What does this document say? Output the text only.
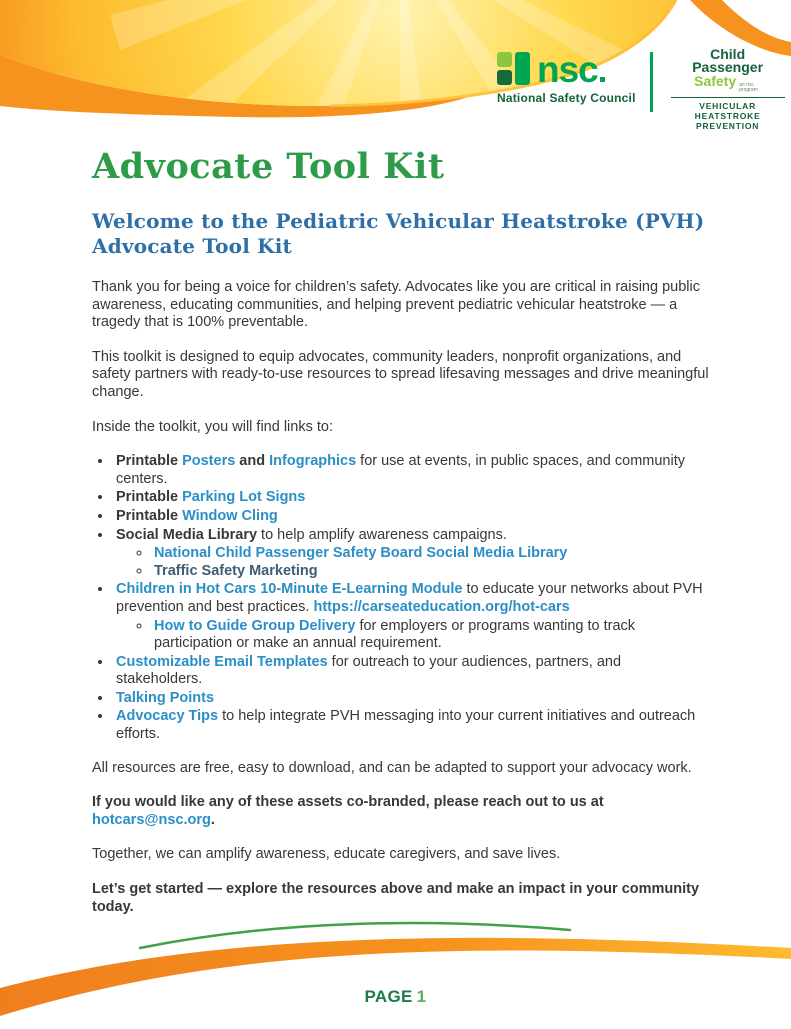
nsc
National Safety Council
Child
Passenger
Safety an nsc program
VEHICULAR HEATSTROKE
PREVENTION
Advocate Tool Kit
Welcome to the Pediatric Vehicular Heatstroke (PVH)
Advocate Tool Kit

Thank you for being a voice for children’s safety. Advocates like you are critical in raising public awareness, educating communities, and helping prevent pediatric vehicular heatstroke — a tragedy that is 100% preventable.

This toolkit is designed to equip advocates, community leaders, nonprofit organizations, and safety partners with ready-to-use resources to spread lifesaving messages and drive meaningful change.

Inside the toolkit, you will find links to:

• Printable Posters and Infographics for use at events, in public spaces, and community centers.
• Printable Parking Lot Signs
• Printable Window Cling
• Social Media Library to help amplify awareness campaigns.
◦ National Child Passenger Safety Board Social Media Library
◦ Traffic Safety Marketing
• Children in Hot Cars 10-Minute E-Learning Module to educate your networks about PVH prevention and best practices. https://carseateducation.org/hot-cars
◦ How to Guide Group Delivery for employers or programs wanting to track participation or make an annual requirement.
• Customizable Email Templates for outreach to your audiences, partners, and stakeholders.
• Talking Points
• Advocacy Tips to help integrate PVH messaging into your current initiatives and outreach efforts.

All resources are free, easy to download, and can be adapted to support your advocacy work.

If you would like any of these assets co-branded, please reach out to us at hotcars@nsc.org.

Together, we can amplify awareness, educate caregivers, and save lives.

Let’s get started — explore the resources above and make an impact in your community today.

PAGE 1
